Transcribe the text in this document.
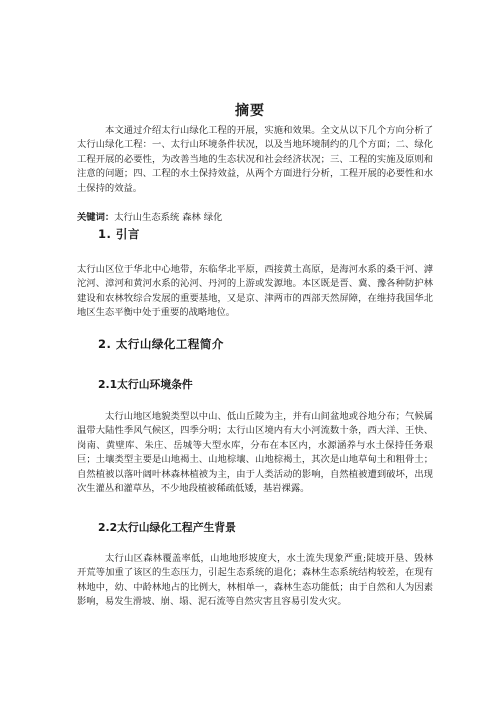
摘要

本文通过介绍太行山绿化工程的开展，实施和效果。全文从以下几个方向分析了太行山绿化工程：一、太行山环境条件状况，以及当地环境制约的几个方面；二、绿化工程开展的必要性，为改善当地的生态状况和社会经济状况；三、工程的实施及原则和注意的问题；四、工程的水土保持效益，从两个方面进行分析，工程开展的必要性和水土保持的效益。

关键词：太行山生态系统 森林 绿化
1. 引言

太行山区位于华北中心地带，东临华北平原，西接黄土高原，是海河水系的桑干河、滹沱河、漳河和黄河水系的沁河、丹河的上游或发源地。本区既是晋、冀、豫各种防护林建设和农林牧综合发展的重要基地，又是京、津两市的西部天然屏障，在维持我国华北地区生态平衡中处于重要的战略地位。

2. 太行山绿化工程简介
2.1太行山环境条件

太行山地区地貌类型以中山、低山丘陵为主，并有山间盆地或谷地分布；气候属温带大陆性季风气候区，四季分明；太行山区境内有大小河流数十条，西大洋、王快、岗南、黄壁库、朱庄、岳城等大型水库，分布在本区内，水源涵养与水土保持任务艰巨；土壤类型主要是山地褐土、山地棕壤、山地棕褐土，其次是山地草甸土和粗骨土；自然植被以落叶阔叶林森林植被为主，由于人类活动的影响，自然植被遭到破坏，出现次生灌丛和灌草丛，不少地段植被稀疏低矮，基岩裸露。

2.2太行山绿化工程产生背景

太行山区森林覆盖率低，山地地形坡度大，水土流失现象严重;陡坡开垦、毁林开荒等加重了该区的生态压力，引起生态系统的退化；森林生态系统结构较差，在现有林地中，幼、中龄林地占的比例大，林相单一，森林生态功能低；由于自然和人为因素影响，易发生滑坡、崩、塌、泥石流等自然灾害且容易引发火灾。
